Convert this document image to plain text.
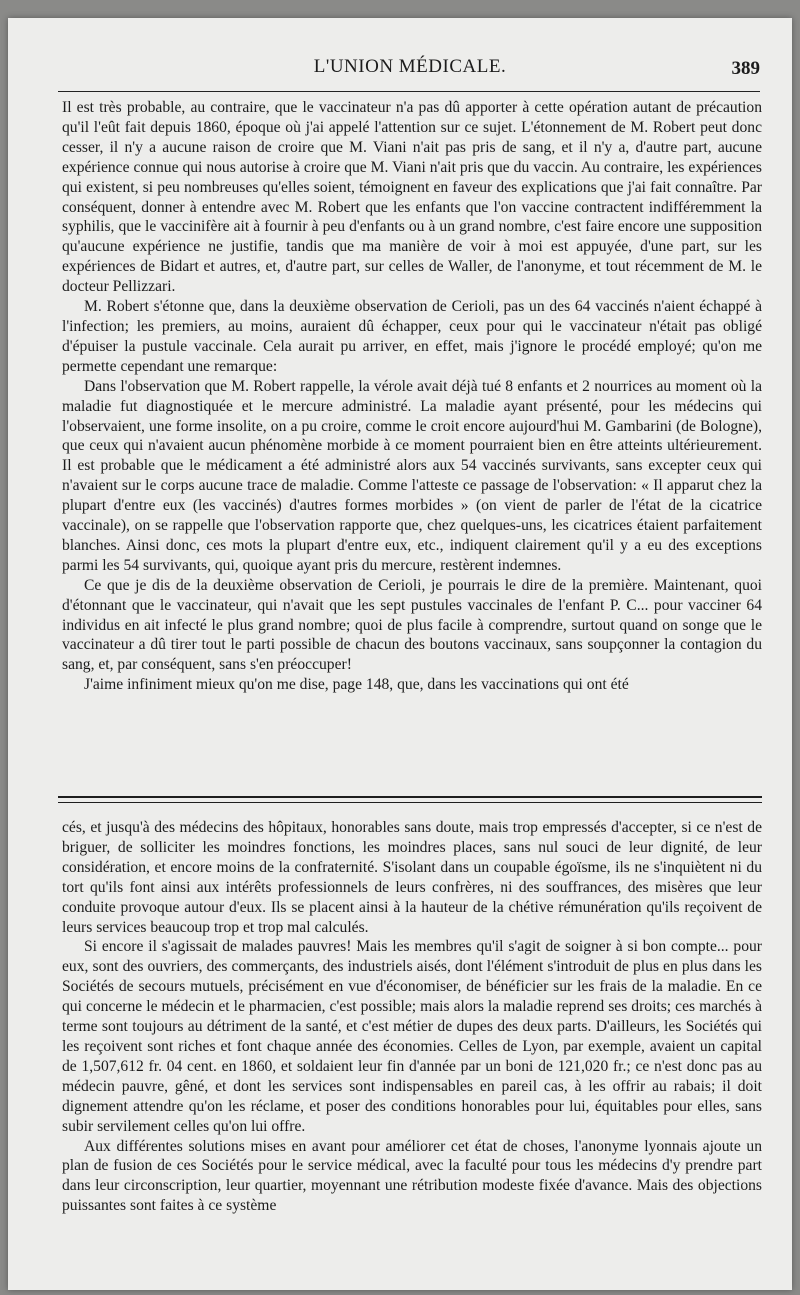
L'UNION MÉDICALE.	389

Il est très probable, au contraire, que le vaccinateur n'a pas dû apporter à cette opération autant de précaution qu'il l'eût fait depuis 1860, époque où j'ai appelé l'attention sur ce sujet. L'étonnement de M. Robert peut donc cesser, il n'y a aucune raison de croire que M. Viani n'ait pas pris de sang, et il n'y a, d'autre part, aucune expérience connue qui nous autorise à croire que M. Viani n'ait pris que du vaccin. Au contraire, les expériences qui existent, si peu nombreuses qu'elles soient, témoignent en faveur des explications que j'ai fait connaître. Par conséquent, donner à entendre avec M. Robert que les enfants que l'on vaccine contractent indifféremment la syphilis, que le vaccinifère ait à fournir à peu d'enfants ou à un grand nombre, c'est faire encore une supposition qu'aucune expérience ne justifie, tandis que ma manière de voir à moi est appuyée, d'une part, sur les expériences de Bidart et autres, et, d'autre part, sur celles de Waller, de l'anonyme, et tout récemment de M. le docteur Pellizzari.

M. Robert s'étonne que, dans la deuxième observation de Cerioli, pas un des 64 vaccinés n'aient échappé à l'infection; les premiers, au moins, auraient dû échapper, ceux pour qui le vaccinateur n'était pas obligé d'épuiser la pustule vaccinale. Cela aurait pu arriver, en effet, mais j'ignore le procédé employé; qu'on me permette cependant une remarque:

Dans l'observation que M. Robert rappelle, la vérole avait déjà tué 8 enfants et 2 nourrices au moment où la maladie fut diagnostiquée et le mercure administré. La maladie ayant présenté, pour les médecins qui l'observaient, une forme insolite, on a pu croire, comme le croit encore aujourd'hui M. Gambarini (de Bologne), que ceux qui n'avaient aucun phénomène morbide à ce moment pourraient bien en être atteints ultérieurement. Il est probable que le médicament a été administré alors aux 54 vaccinés survivants, sans excepter ceux qui n'avaient sur le corps aucune trace de maladie. Comme l'atteste ce passage de l'observation: « Il apparut chez la plupart d'entre eux (les vaccinés) d'autres formes morbides » (on vient de parler de l'état de la cicatrice vaccinale), on se rappelle que l'observation rapporte que, chez quelques-uns, les cicatrices étaient parfaitement blanches. Ainsi donc, ces mots la plupart d'entre eux, etc., indiquent clairement qu'il y a eu des exceptions parmi les 54 survivants, qui, quoique ayant pris du mercure, restèrent indemnes.

Ce que je dis de la deuxième observation de Cerioli, je pourrais le dire de la première. Maintenant, quoi d'étonnant que le vaccinateur, qui n'avait que les sept pustules vaccinales de l'enfant P. C... pour vacciner 64 individus en ait infecté le plus grand nombre; quoi de plus facile à comprendre, surtout quand on songe que le vaccinateur a dû tirer tout le parti possible de chacun des boutons vaccinaux, sans soupçonner la contagion du sang, et, par conséquent, sans s'en préoccuper!

J'aime infiniment mieux qu'on me dise, page 148, que, dans les vaccinations qui ont été

cés, et jusqu'à des médecins des hôpitaux, honorables sans doute, mais trop empressés d'accepter, si ce n'est de briguer, de solliciter les moindres fonctions, les moindres places, sans nul souci de leur dignité, de leur considération, et encore moins de la confraternité. S'isolant dans un coupable égoïsme, ils ne s'inquiètent ni du tort qu'ils font ainsi aux intérêts professionnels de leurs confrères, ni des souffrances, des misères que leur conduite provoque autour d'eux. Ils se placent ainsi à la hauteur de la chétive rémunération qu'ils reçoivent de leurs services beaucoup trop et trop mal calculés.

Si encore il s'agissait de malades pauvres! Mais les membres qu'il s'agit de soigner à si bon compte... pour eux, sont des ouvriers, des commerçants, des industriels aisés, dont l'élément s'introduit de plus en plus dans les Sociétés de secours mutuels, précisément en vue d'économiser, de bénéficier sur les frais de la maladie. En ce qui concerne le médecin et le pharmacien, c'est possible; mais alors la maladie reprend ses droits; ces marchés à terme sont toujours au détriment de la santé, et c'est métier de dupes des deux parts. D'ailleurs, les Sociétés qui les reçoivent sont riches et font chaque année des économies. Celles de Lyon, par exemple, avaient un capital de 1,507,612 fr. 04 cent. en 1860, et soldaient leur fin d'année par un boni de 121,020 fr.; ce n'est donc pas au médecin pauvre, gêné, et dont les services sont indispensables en pareil cas, à les offrir au rabais; il doit dignement attendre qu'on les réclame, et poser des conditions honorables pour lui, équitables pour elles, sans subir servilement celles qu'on lui offre.

Aux différentes solutions mises en avant pour améliorer cet état de choses, l'anonyme lyonnais ajoute un plan de fusion de ces Sociétés pour le service médical, avec la faculté pour tous les médecins d'y prendre part dans leur circonscription, leur quartier, moyennant une rétribution modeste fixée d'avance. Mais des objections puissantes sont faites à ce système
